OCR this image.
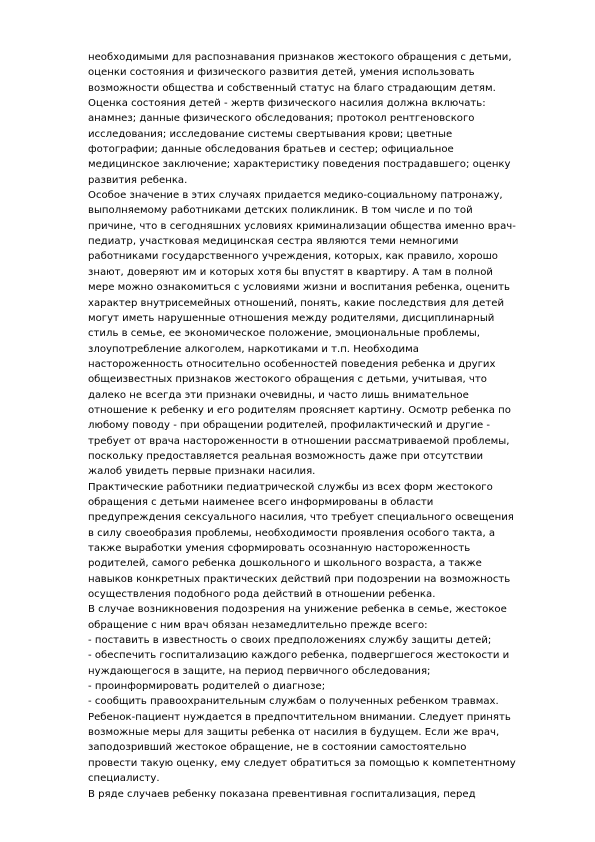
необходимыми для распознавания признаков жестокого обращения с детьми,
оценки состояния и физического развития детей, умения использовать
возможности общества и собственный статус на благо страдающим детям.
Оценка состояния детей - жертв физического насилия должна включать:
анамнез; данные физического обследования; протокол рентгеновского
исследования; исследование системы свертывания крови; цветные
фотографии; данные обследования братьев и сестер; официальное
медицинское заключение; характеристику поведения пострадавшего; оценку
развития ребенка.
Особое значение в этих случаях придается медико-социальному патронажу,
выполняемому работниками детских поликлиник. В том числе и по той
причине, что в сегодняшних условиях криминализации общества именно врач-
педиатр, участковая медицинская сестра являются теми немногими
работниками государственного учреждения, которых, как правило, хорошо
знают, доверяют им и которых хотя бы впустят в квартиру. А там в полной
мере можно ознакомиться с условиями жизни и воспитания ребенка, оценить
характер внутрисемейных отношений, понять, какие последствия для детей
могут иметь нарушенные отношения между родителями, дисциплинарный
стиль в семье, ее экономическое положение, эмоциональные проблемы,
злоупотребление алкоголем, наркотиками и т.п. Необходима
настороженность относительно особенностей поведения ребенка и других
общеизвестных признаков жестокого обращения с детьми, учитывая, что
далеко не всегда эти признаки очевидны, и часто лишь внимательное
отношение к ребенку и его родителям проясняет картину. Осмотр ребенка по
любому поводу - при обращении родителей, профилактический и другие -
требует от врача настороженности в отношении рассматриваемой проблемы,
поскольку предоставляется реальная возможность даже при отсутствии
жалоб увидеть первые признаки насилия.
Практические работники педиатрической службы из всех форм жестокого
обращения с детьми наименее всего информированы в области
предупреждения сексуального насилия, что требует специального освещения
в силу своеобразия проблемы, необходимости проявления особого такта, а
также выработки умения сформировать осознанную настороженность
родителей, самого ребенка дошкольного и школьного возраста, а также
навыков конкретных практических действий при подозрении на возможность
осуществления подобного рода действий в отношении ребенка.
В случае возникновения подозрения на унижение ребенка в семье, жестокое
обращение с ним врач обязан незамедлительно прежде всего:
- поставить в известность о своих предположениях службу защиты детей;
- обеспечить госпитализацию каждого ребенка, подвергшегося жестокости и
нуждающегося в защите, на период первичного обследования;
- проинформировать родителей о диагнозе;
- сообщить правоохранительным службам о полученных ребенком травмах.
Ребенок-пациент нуждается в предпочтительном внимании. Следует принять
возможные меры для защиты ребенка от насилия в будущем. Если же врач,
заподозривший жестокое обращение, не в состоянии самостоятельно
провести такую оценку, ему следует обратиться за помощью к компетентному
специалисту.
В ряде случаев ребенку показана превентивная госпитализация, перед
